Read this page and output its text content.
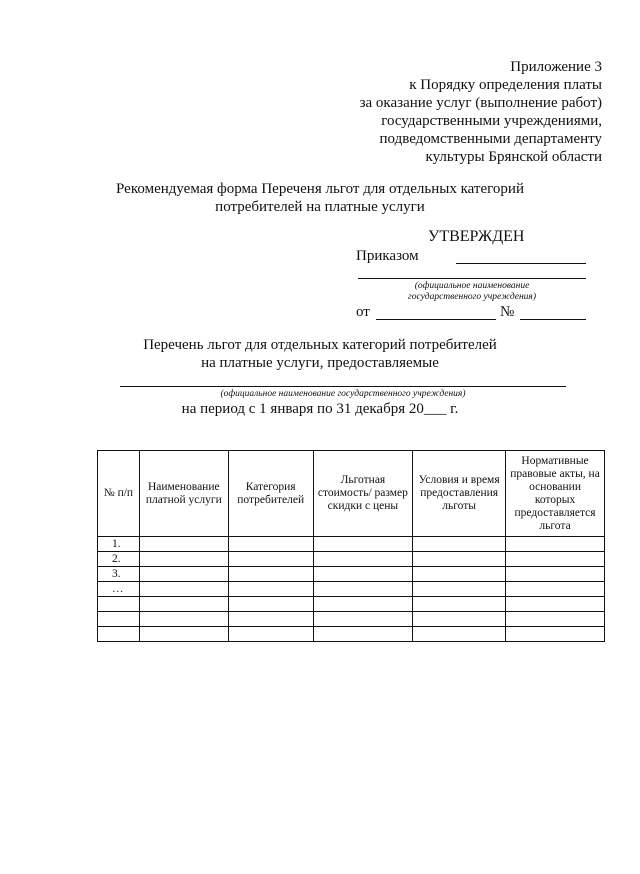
Приложение 3
к Порядку определения платы
за оказание услуг (выполнение работ)
государственными учреждениями,
подведомственными департаменту
культуры Брянской области
Рекомендуемая форма Переченя льгот для отдельных категорий
потребителей на платные услуги
УТВЕРЖДЕН
Приказом
(официальное наименование
государственного учреждения)
от	№
Перечень льгот для отдельных категорий потребителей
на платные услуги, предоставляемые
(официальное наименование государственного учреждения)
на период с 1 января по 31 декабря 20___ г.
№ п/п	Наименование платной услуги	Категория потребителей	Льготная стоимость/ размер скидки с цены	Условия и время предоставления льготы	Нормативные правовые акты, на основании которых предоставляется льгота
1.					
2.					
3.					
…					
